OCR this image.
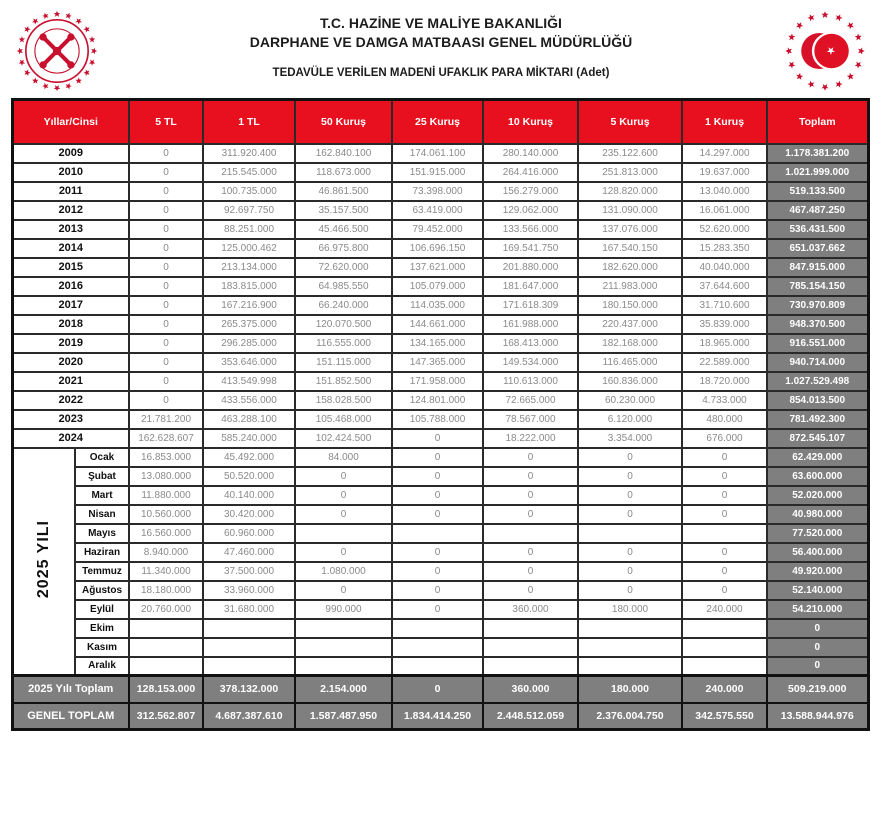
T.C. HAZİNE VE MALİYE BAKANLIĞI
DARPHANE VE DAMGA MATBAASI GENEL MÜDÜRLÜĞÜ
TEDAVÜLE VERİLEN MADENİ UFAKLIK PARA MİKTARI (Adet)
Yıllar/Cinsi		5 TL	1 TL	50 Kuruş	25 Kuruş	10 Kuruş	5 Kuruş	1 Kuruş	Toplam
2009		0	311.920.400	162.840.100	174.061.100	280.140.000	235.122.600	14.297.000	1.178.381.200
2010		0	215.545.000	118.673.000	151.915.000	264.416.000	251.813.000	19.637.000	1.021.999.000
2011		0	100.735.000	46.861.500	73.398.000	156.279.000	128.820.000	13.040.000	519.133.500
2012		0	92.697.750	35.157.500	63.419.000	129.062.000	131.090.000	16.061.000	467.487.250
2013		0	88.251.000	45.466.500	79.452.000	133.566.000	137.076.000	52.620.000	536.431.500
2014		0	125.000.462	66.975.800	106.696.150	169.541.750	167.540.150	15.283.350	651.037.662
2015		0	213.134.000	72.620.000	137.621.000	201.880.000	182.620.000	40.040.000	847.915.000
2016		0	183.815.000	64.985.550	105.079.000	181.647.000	211.983.000	37.644.600	785.154.150
2017		0	167.216.900	66.240.000	114.035.000	171.618.309	180.150.000	31.710.600	730.970.809
2018		0	265.375.000	120.070.500	144.661.000	161.988.000	220.437.000	35.839.000	948.370.500
2019		0	296.285.000	116.555.000	134.165.000	168.413.000	182.168.000	18.965.000	916.551.000
2020		0	353.646.000	151.115.000	147.365.000	149.534.000	116.465.000	22.589.000	940.714.000
2021		0	413.549.998	151.852.500	171.958.000	110.613.000	160.836.000	18.720.000	1.027.529.498
2022		0	433.556.000	158.028.500	124.801.000	72.665.000	60.230.000	4.733.000	854.013.500
2023		21.781.200	463.288.100	105.468.000	105.788.000	78.567.000	6.120.000	480.000	781.492.300
2024		162.628.607	585.240.000	102.424.500	0	18.222.000	3.354.000	676.000	872.545.107
2025 YILI	Ocak	16.853.000	45.492.000	84.000	0	0	0	0	62.429.000
	Şubat	13.080.000	50.520.000	0	0	0	0	0	63.600.000
	Mart	11.880.000	40.140.000	0	0	0	0	0	52.020.000
	Nisan	10.560.000	30.420.000	0	0	0	0	0	40.980.000
	Mayıs	16.560.000	60.960.000						77.520.000
	Haziran	8.940.000	47.460.000	0	0	0	0	0	56.400.000
	Temmuz	11.340.000	37.500.000	1.080.000	0	0	0	0	49.920.000
	Ağustos	18.180.000	33.960.000	0	0	0	0	0	52.140.000
	Eylül	20.760.000	31.680.000	990.000	0	360.000	180.000	240.000	54.210.000
	Ekim								0
	Kasım								0
	Aralık								0
2025 Yılı Toplam		128.153.000	378.132.000	2.154.000	0	360.000	180.000	240.000	509.219.000
GENEL TOPLAM		312.562.807	4.687.387.610	1.587.487.950	1.834.414.250	2.448.512.059	2.376.004.750	342.575.550	13.588.944.976
